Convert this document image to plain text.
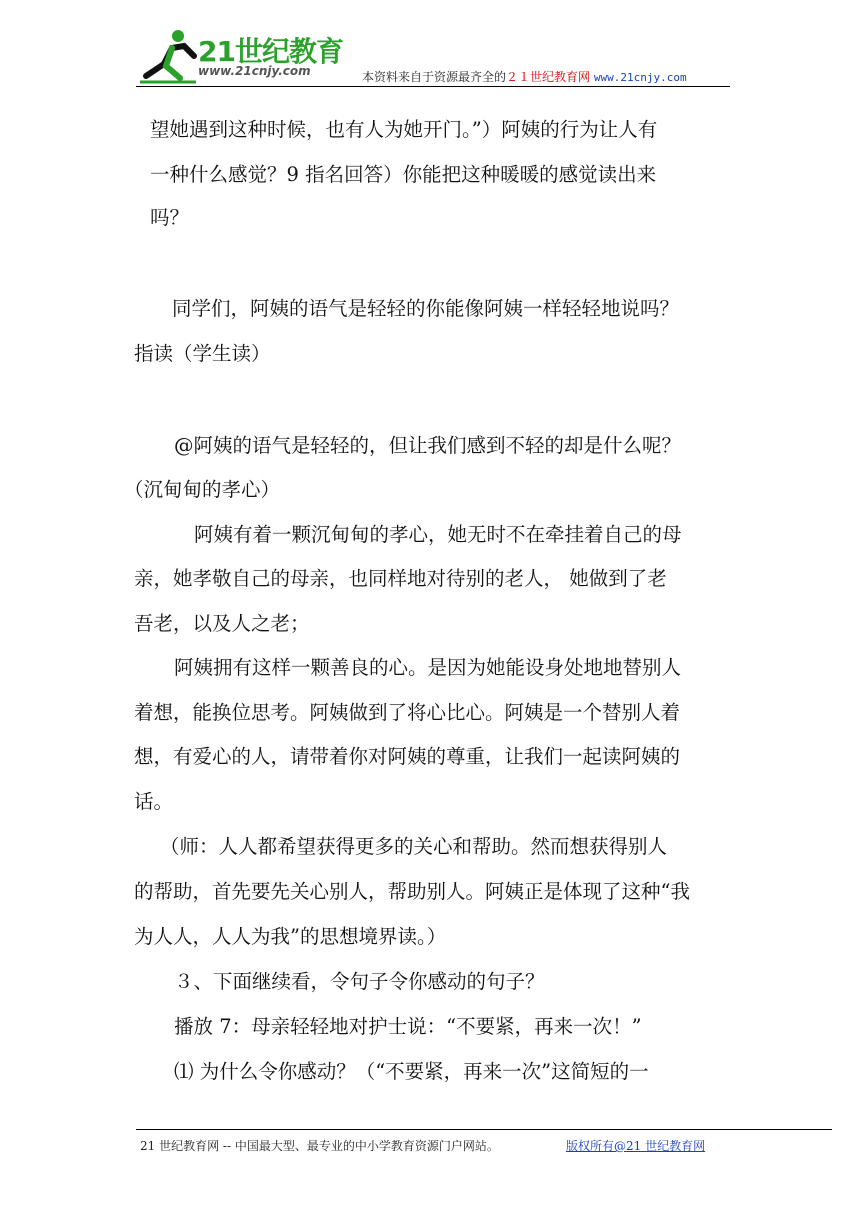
21世纪教育
www.21cnjy.com	本资料来自于资源最齐全的２１世纪教育网 www.21cnjy.com
望她遇到这种时候，也有人为她开门。”）阿姨的行为让人有
一种什么感觉？9 指名回答）你能把这种暖暖的感觉读出来
吗？
同学们，阿姨的语气是轻轻的你能像阿姨一样轻轻地说吗？
指读（学生读）
@阿姨的语气是轻轻的，但让我们感到不轻的却是什么呢？
（沉甸甸的孝心）
阿姨有着一颗沉甸甸的孝心，她无时不在牵挂着自己的母
亲，她孝敬自己的母亲，也同样地对待别的老人， 她做到了老
吾老，以及人之老；
阿姨拥有这样一颗善良的心。是因为她能设身处地地替别人
着想，能换位思考。阿姨做到了将心比心。阿姨是一个替别人着
想，有爱心的人，请带着你对阿姨的尊重，让我们一起读阿姨的
话。
（师：人人都希望获得更多的关心和帮助。然而想获得别人
的帮助，首先要先关心别人，帮助别人。阿姨正是体现了这种“我
为人人，人人为我”的思想境界读。）
３、下面继续看，令句子令你感动的句子？
播放 7：母亲轻轻地对护士说：“不要紧，再来一次！”
⑴ 为什么令你感动？（“不要紧，再来一次”这简短的一
21 世纪教育网 -- 中国最大型、最专业的中小学教育资源门户网站。	版权所有@21 世纪教育网
